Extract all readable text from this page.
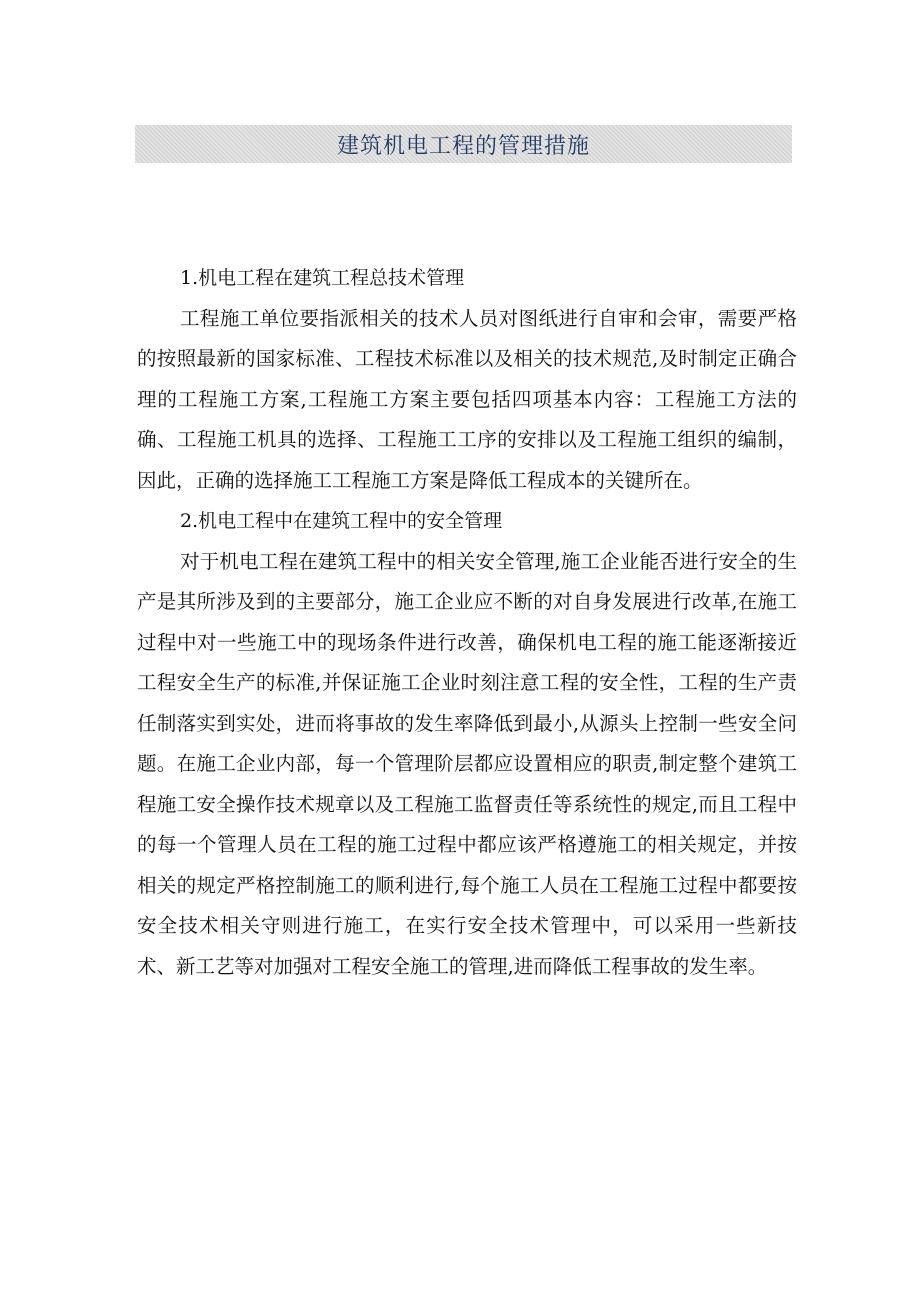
建筑机电工程的管理措施

1.机电工程在建筑工程总技术管理

工程施工单位要指派相关的技术人员对图纸进行自审和会审，需要严格的按照最新的国家标准、工程技术标准以及相关的技术规范,及时制定正确合理的工程施工方案,工程施工方案主要包括四项基本内容：工程施工方法的确、工程施工机具的选择、工程施工工序的安排以及工程施工组织的编制，因此，正确的选择施工工程施工方案是降低工程成本的关键所在。

2.机电工程中在建筑工程中的安全管理

对于机电工程在建筑工程中的相关安全管理,施工企业能否进行安全的生产是其所涉及到的主要部分，施工企业应不断的对自身发展进行改革,在施工过程中对一些施工中的现场条件进行改善，确保机电工程的施工能逐渐接近工程安全生产的标准,并保证施工企业时刻注意工程的安全性，工程的生产责任制落实到实处，进而将事故的发生率降低到最小,从源头上控制一些安全问题。在施工企业内部，每一个管理阶层都应设置相应的职责,制定整个建筑工程施工安全操作技术规章以及工程施工监督责任等系统性的规定,而且工程中的每一个管理人员在工程的施工过程中都应该严格遵施工的相关规定，并按相关的规定严格控制施工的顺利进行,每个施工人员在工程施工过程中都要按安全技术相关守则进行施工，在实行安全技术管理中，可以采用一些新技术、新工艺等对加强对工程安全施工的管理,进而降低工程事故的发生率。
